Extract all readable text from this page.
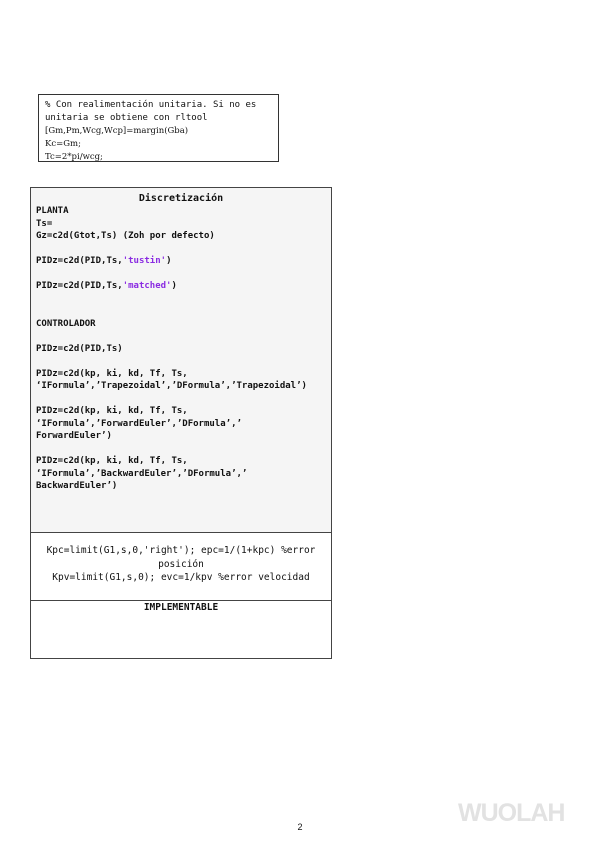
% Con realimentación unitaria. Si no es
unitaria se obtiene con rltool
[Gm,Pm,Wcg,Wcp]=margin(Gba)
Kc=Gm;
Tc=2*pi/wcg;
Discretización

PLANTA

Ts=

Gz=c2d(Gtot,Ts) (Zoh por defecto)

PIDz=c2d(PID,Ts,'tustin')

PIDz=c2d(PID,Ts,'matched')

CONTROLADOR

PIDz=c2d(PID,Ts)

PIDz=c2d(kp, ki, kd, Tf, Ts,

‘IFormula’,’Trapezoidal’,’DFormula’,’Trapezoidal’)

PIDz=c2d(kp, ki, kd, Tf, Ts,

‘IFormula’,’ForwardEuler’,’DFormula’,’

ForwardEuler’)

PIDz=c2d(kp, ki, kd, Tf, Ts,

‘IFormula’,’BackwardEuler’,’DFormula’,’

BackwardEuler’)

Kpc=limit(G1,s,0,'right'); epc=1/(1+kpc) %error
posición
Kpv=limit(G1,s,0); evc=1/kpv %error velocidad
IMPLEMENTABLE
WUOLAH
2
